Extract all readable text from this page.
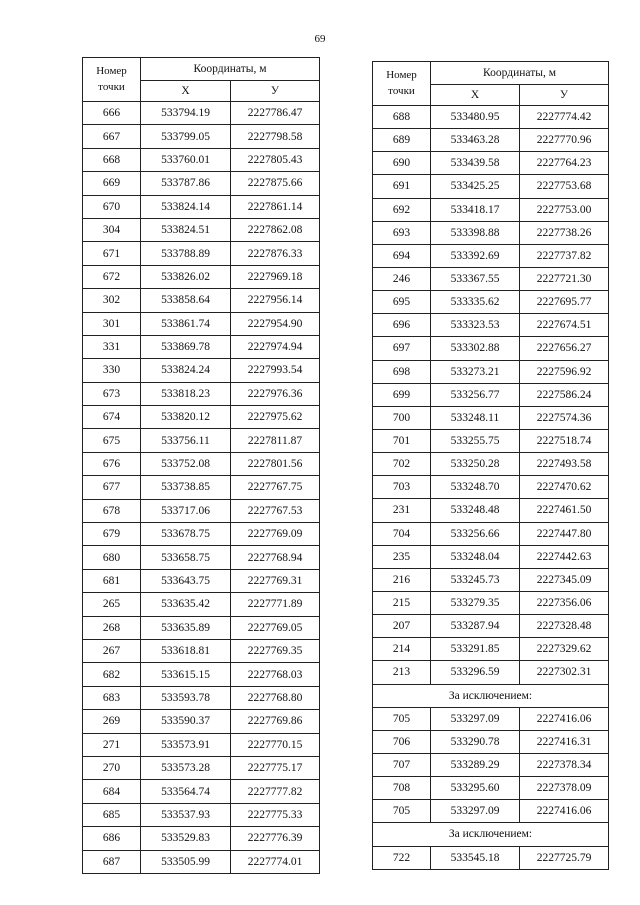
69
Номер
точки	Координаты, м	
	Х	У
666	533794.19	2227786.47
667	533799.05	2227798.58
668	533760.01	2227805.43
669	533787.86	2227875.66
670	533824.14	2227861.14
304	533824.51	2227862.08
671	533788.89	2227876.33
672	533826.02	2227969.18
302	533858.64	2227956.14
301	533861.74	2227954.90
331	533869.78	2227974.94
330	533824.24	2227993.54
673	533818.23	2227976.36
674	533820.12	2227975.62
675	533756.11	2227811.87
676	533752.08	2227801.56
677	533738.85	2227767.75
678	533717.06	2227767.53
679	533678.75	2227769.09
680	533658.75	2227768.94
681	533643.75	2227769.31
265	533635.42	2227771.89
268	533635.89	2227769.05
267	533618.81	2227769.35
682	533615.15	2227768.03
683	533593.78	2227768.80
269	533590.37	2227769.86
271	533573.91	2227770.15
270	533573.28	2227775.17
684	533564.74	2227777.82
685	533537.93	2227775.33
686	533529.83	2227776.39
687	533505.99	2227774.01
Номер
точки	Координаты, м	
	Х	У
688	533480.95	2227774.42
689	533463.28	2227770.96
690	533439.58	2227764.23
691	533425.25	2227753.68
692	533418.17	2227753.00
693	533398.88	2227738.26
694	533392.69	2227737.82
246	533367.55	2227721.30
695	533335.62	2227695.77
696	533323.53	2227674.51
697	533302.88	2227656.27
698	533273.21	2227596.92
699	533256.77	2227586.24
700	533248.11	2227574.36
701	533255.75	2227518.74
702	533250.28	2227493.58
703	533248.70	2227470.62
231	533248.48	2227461.50
704	533256.66	2227447.80
235	533248.04	2227442.63
216	533245.73	2227345.09
215	533279.35	2227356.06
207	533287.94	2227328.48
214	533291.85	2227329.62
213	533296.59	2227302.31
За исключением:		
705	533297.09	2227416.06
706	533290.78	2227416.31
707	533289.29	2227378.34
708	533295.60	2227378.09
705	533297.09	2227416.06
За исключением:		
722	533545.18	2227725.79
